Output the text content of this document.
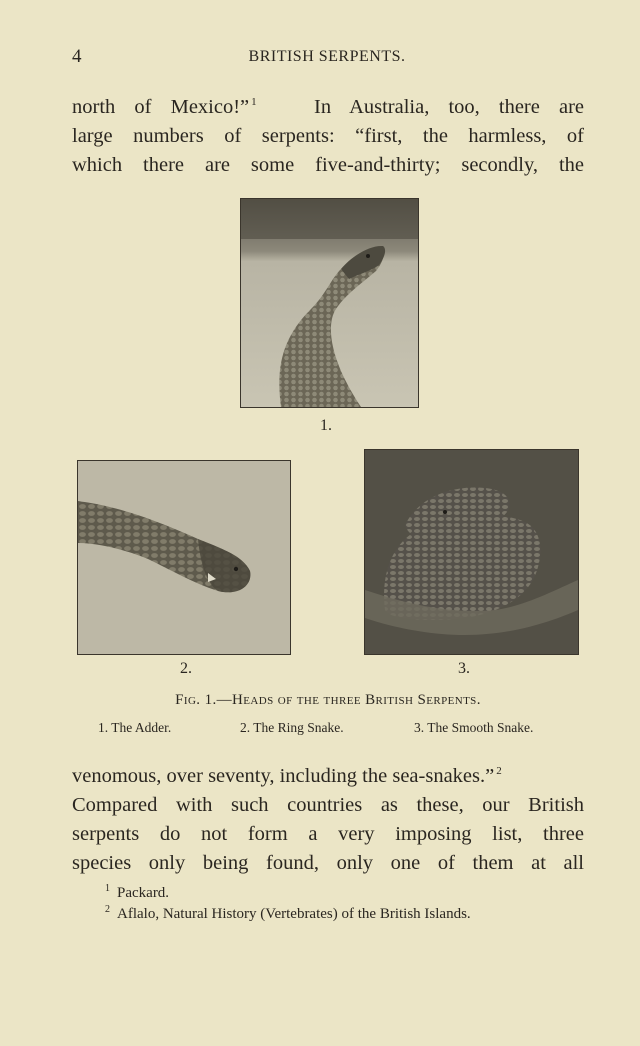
4	BRITISH SERPENTS.
north of Mexico!” $^1$	In Australia, too, there are
large numbers of serpents: “first, the harmless, of
which there are some five-and-thirty; secondly, the
1.
2.	3.
Fig. 1.—Heads of the three British Serpents.
1. The Adder.	2. The Ring Snake.	3. The Smooth Snake.
venomous, over seventy, including the sea-snakes.” $^2$
Compared with such countries as these, our British
serpents do not form a very imposing list, three
species only being found, only one of them at all
$^1$ Packard.
$^2$ Aflalo, Natural History (Vertebrates) of the British Islands.
